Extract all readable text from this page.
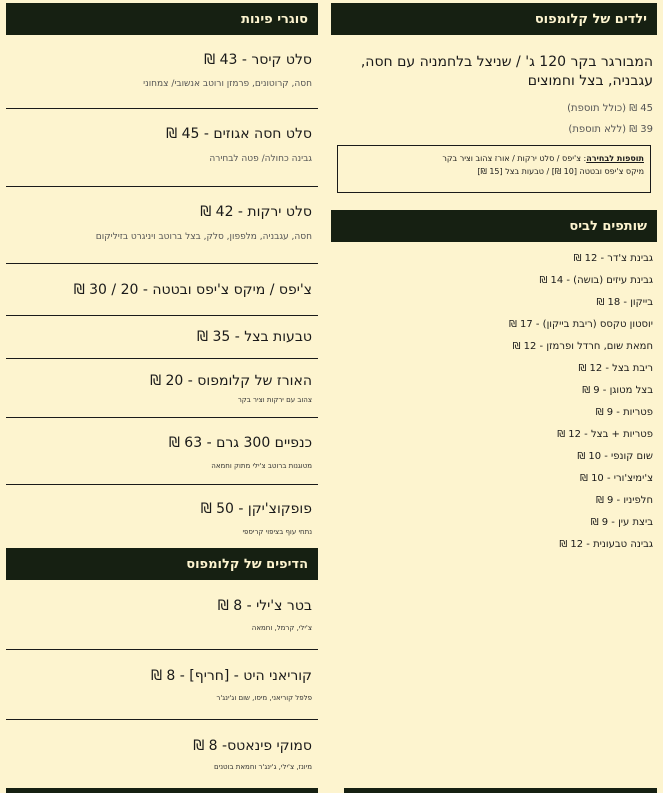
ילדים של קלומפוס
המבורגר בקר 120 ג' / שניצל בלחמניה עם חסה, עגבניה, בצל וחמוצים
45 ₪ (כולל תוספת)
39 ₪ (ללא תוספת)
תוספות לבחירה: צ'יפס / סלט ירקות / אורז צהוב וציר בקר
מיקס צ'יפס ובטטה [10 ₪] / טבעות בצל [15 ₪]
שותפים לביס
גבינת צ'דר - 12 ₪
גבינת עיזים (בושה) - 14 ₪
בייקון - 18 ₪
יוסטון טקסס (ריבת בייקון) - 17 ₪
חמאת שום, חרדל ופרמזן - 12 ₪
ריבת בצל - 12 ₪
בצל מטוגן - 9 ₪
פטריות - 9 ₪
פטריות + בצל - 12 ₪
שום קונפי - 10 ₪
צ'ימיצ'ורי - 10 ₪
חלפיניו - 9 ₪
ביצת עין - 9 ₪
גבינה טבעונית - 12 ₪
סוגרי פינות
סלט קיסר - 43 ₪
חסה, קרוטונים, פרמזן ורוטב אנשובי/ צמחוני
סלט חסה אגוזים - 45 ₪
גבינה כחולה/ פטה לבחירה
סלט ירקות - 42 ₪
חסה, עגבניה, מלפפון, סלק, בצל ברוטב ויניגרט בזיליקום
צ'יפס / מיקס צ'יפס ובטטה - 20 / 30 ₪
טבעות בצל - 35 ₪
האורז של קלומפוס - 20 ₪
צהוב עם ירקות וציר בקר
כנפיים 300 גרם - 63 ₪
מטוגנות ברוטב צ'ילי מתוק וחמאה
פופקוצ'יקן - 50 ₪
נתחי עוף בציפוי קריספי
הדיפים של קלומפוס
בטר צ'ילי - 8 ₪
צ'ילי, קרמל, וחמאה
קוריאני היט - [חריף] - 8 ₪
פלפל קוריאני, מיסו, שום וג'ינג'ר
סמוקי פינאטס- 8 ₪
מיונז, צ'ילי, ג'ינג'ר וחמאת בוטנים
